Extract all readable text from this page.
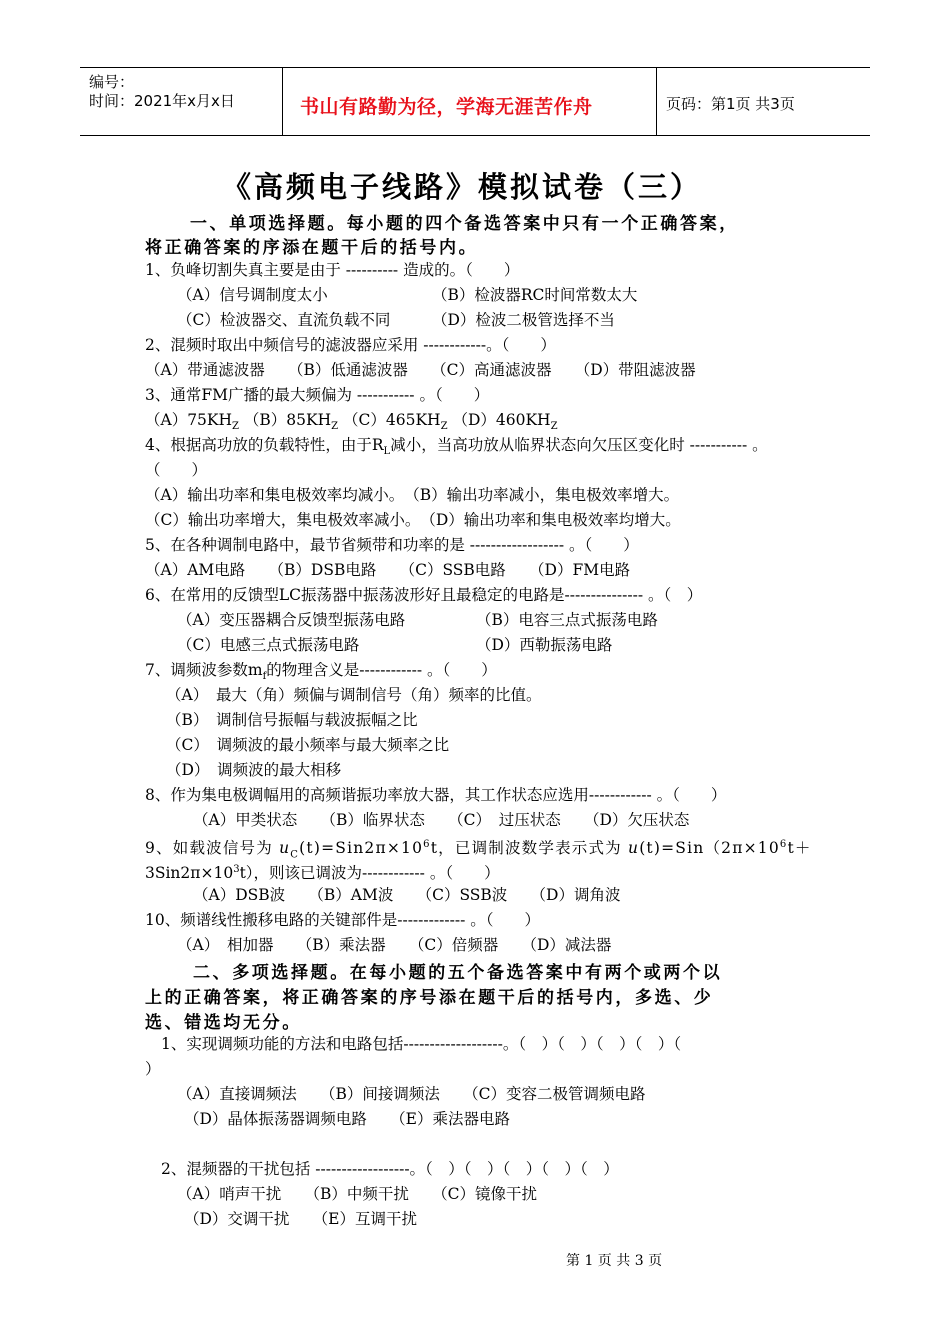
编号：
时间：2021年x月x日	书山有路勤为径，学海无涯苦作舟	页码：第1页 共3页
《高频电子线路》模拟试卷（三）
一、单项选择题。每小题的四个备选答案中只有一个正确答案，
将正确答案的序添在题干后的括号内。
1、负峰切割失真主要是由于 ---------- 造成的。（　　）
（A）信号调制度太小	（B）检波器RC时间常数太大
（C）检波器交、直流负载不同	（D）检波二极管选择不当
2、混频时取出中频信号的滤波器应采用 ------------。（　　）
（A）带通滤波器　　（B）低通滤波器　　（C）高通滤波器　　（D）带阻滤波器
3、通常FM广播的最大频偏为 ----------- 。（　　）
$(A)75KH_Z$ $(B)85KH_Z$ $(C)465KH_Z$ $(D)460KH_Z$
4、根据高功放的负载特性，由于$R_L$减小，当高功放从临界状态向欠压区变化时 ----------- 。
（　　）
（A）输出功率和集电极效率均减小。　（B）输出功率减小，集电极效率增大。
（C）输出功率增大，集电极效率减小。　（D）输出功率和集电极效率均增大。
5、在各种调制电路中，最节省频带和功率的是 ------------------ 。（　　）
（A）AM电路　　（B）DSB电路　　（C）SSB电路　　（D）FM电路
6、在常用的反馈型LC振荡器中振荡波形好且最稳定的电路是--------------- 。（　）
（A）变压器耦合反馈型振荡电路	（B）电容三点式振荡电路
（C）电感三点式振荡电路	（D）西勒振荡电路
7、调频波参数$m_f$的物理含义是------------ 。（　　）
（A）　最大（角）频偏与调制信号（角）频率的比值。
（B）　调制信号振幅与载波振幅之比
（C）　调频波的最小频率与最大频率之比
（D）　调频波的最大相移
8、作为集电极调幅用的高频谐振功率放大器，其工作状态应选用------------ 。（　　）
（A）甲类状态　　（B）临界状态　　（C）　过压状态　　（D）欠压状态
9、如载波信号为 $u_C(t)=Sin2\pi\times 10^6t$，已调制波数学表示式为 $u(t)=Sin(2\pi\times 10^6t+$
$3Sin2\pi\times 10^3t$），则该已调波为------------ 。（　　）
（A）DSB波　　（B）AM波　　（C）SSB波　　（D）调角波
10、频谱线性搬移电路的关键部件是------------- 。（　　）
（A）　相加器　　（B）乘法器　　（C）倍频器　　（D）减法器
二、多项选择题。在每小题的五个备选答案中有两个或两个以
上的正确答案，将正确答案的序号添在题干后的括号内，多选、少
选、错选均无分。
1、实现调频功能的方法和电路包括-------------------。（　）（　）（　）（　）（
）
（A）直接调频法　　（B）间接调频法　　（C）变容二极管调频电路
（D）晶体振荡器调频电路　　（E）乘法器电路
2、混频器的干扰包括 ------------------。（　）（　）（　）（　）（　）
（A）哨声干扰　　（B）中频干扰　　（C）镜像干扰
（D）交调干扰　　（E）互调干扰
第 1 页 共 3 页
